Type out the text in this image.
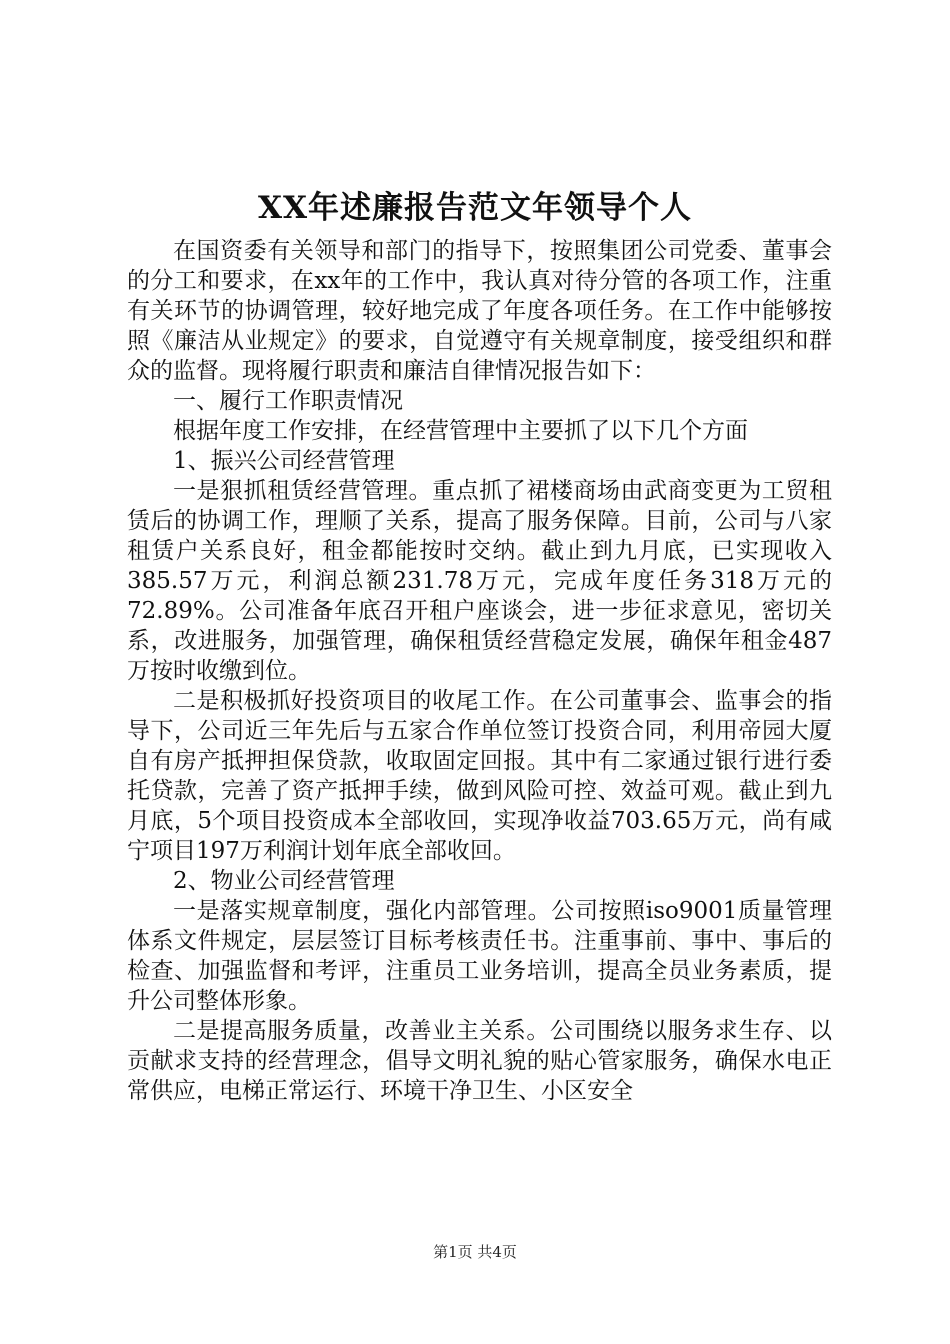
XX年述廉报告范文年领导个人

在国资委有关领导和部门的指导下，按照集团公司党委、董事会的分工和要求，在xx年的工作中，我认真对待分管的各项工作，注重有关环节的协调管理，较好地完成了年度各项任务。在工作中能够按照《廉洁从业规定》的要求，自觉遵守有关规章制度，接受组织和群众的监督。现将履行职责和廉洁自律情况报告如下：

一、履行工作职责情况

根据年度工作安排，在经营管理中主要抓了以下几个方面

1、振兴公司经营管理

一是狠抓租赁经营管理。重点抓了裙楼商场由武商变更为工贸租赁后的协调工作，理顺了关系，提高了服务保障。目前，公司与八家租赁户关系良好，租金都能按时交纳。截止到九月底，已实现收入385.57万元，利润总额231.78万元，完成年度任务318万元的72.89%。公司准备年底召开租户座谈会，进一步征求意见，密切关系，改进服务，加强管理，确保租赁经营稳定发展，确保年租金487万按时收缴到位。

二是积极抓好投资项目的收尾工作。在公司董事会、监事会的指导下，公司近三年先后与五家合作单位签订投资合同，利用帝园大厦自有房产抵押担保贷款，收取固定回报。其中有二家通过银行进行委托贷款，完善了资产抵押手续，做到风险可控、效益可观。截止到九月底，5个项目投资成本全部收回，实现净收益703.65万元，尚有咸宁项目197万利润计划年底全部收回。

2、物业公司经营管理

一是落实规章制度，强化内部管理。公司按照iso9001质量管理体系文件规定，层层签订目标考核责任书。注重事前、事中、事后的检查、加强监督和考评，注重员工业务培训，提高全员业务素质，提升公司整体形象。

二是提高服务质量，改善业主关系。公司围绕以服务求生存、以贡献求支持的经营理念，倡导文明礼貌的贴心管家服务，确保水电正常供应，电梯正常运行、环境干净卫生、小区安全

第1页 共4页
